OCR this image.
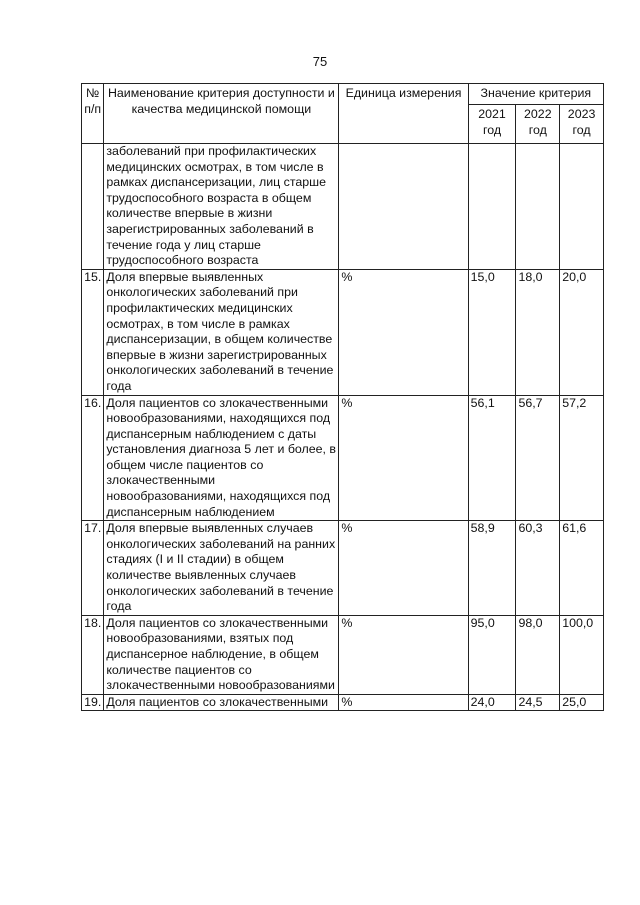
75
№ п/п	Наименование критерия доступности и качества медицинской помощи	Единица измерения	Значение критерия		
			2021 год	2022 год	2023 год
	заболеваний при профилактических медицинских осмотрах, в том числе в рамках диспансеризации, лиц старше трудоспособного возраста в общем количестве впервые в жизни зарегистрированных заболеваний в течение года у лиц старше трудоспособного возраста				
15.	Доля впервые выявленных онкологических заболеваний при профилактических медицинских осмотрах, в том числе в рамках диспансеризации, в общем количестве впервые в жизни зарегистрированных онкологических заболеваний в течение года	%	15,0	18,0	20,0
16.	Доля пациентов со злокачественными новообразованиями, находящихся под диспансерным наблюдением с даты установления диагноза 5 лет и более, в общем числе пациентов со злокачественными новообразованиями, находящихся под диспансерным наблюдением	%	56,1	56,7	57,2
17.	Доля впервые выявленных случаев онкологических заболеваний на ранних стадиях (I и II стадии) в общем количестве выявленных случаев онкологических заболеваний в течение года	%	58,9	60,3	61,6
18.	Доля пациентов со злокачественными новообразованиями, взятых под диспансерное наблюдение, в общем количестве пациентов со злокачественными новообразованиями	%	95,0	98,0	100,0
19.	Доля пациентов со злокачественными	%	24,0	24,5	25,0
